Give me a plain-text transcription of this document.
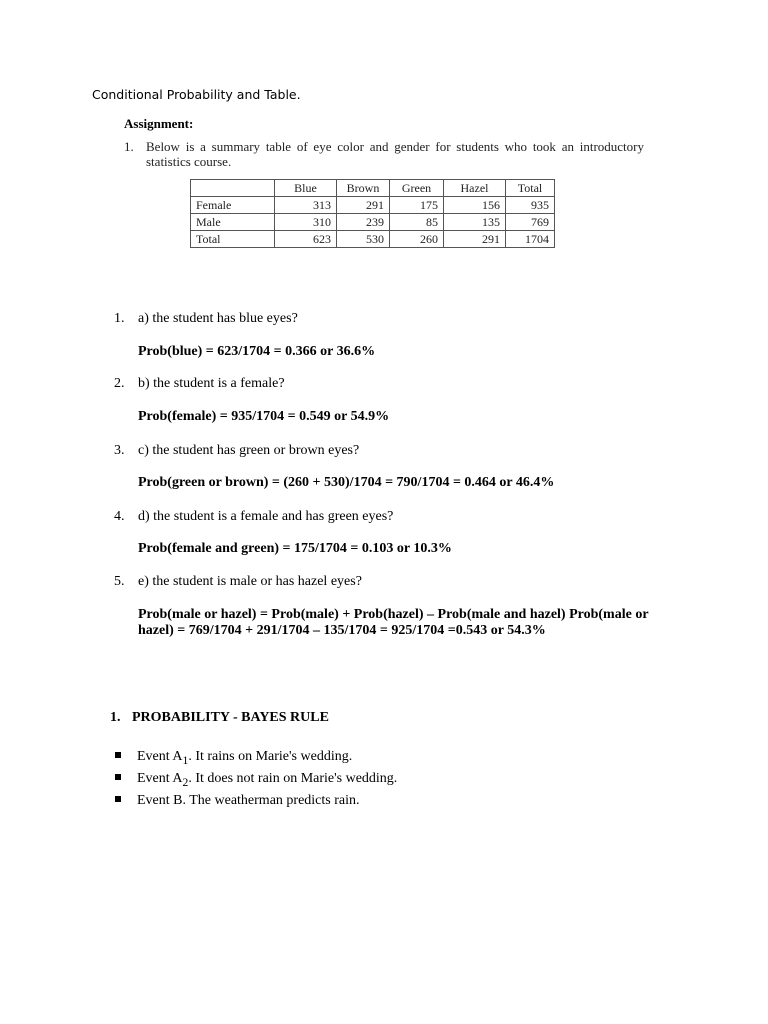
Conditional Probability and Table.
Assignment:
1. Below is a summary table of eye color and gender for students who took an introductory statistics course.
	Blue	Brown	Green	Hazel	Total
Female	313	291	175	156	935
Male	310	239	85	135	769
Total	623	530	260	291	1704
1. a) the student has blue eyes?
Prob(blue) = 623/1704 = 0.366 or 36.6%
2. b) the student is a female?
Prob(female) = 935/1704 = 0.549 or 54.9%
3. c) the student has green or brown eyes?
Prob(green or brown) = (260 + 530)/1704 = 790/1704 = 0.464 or 46.4%
4. d) the student is a female and has green eyes?
Prob(female and green) = 175/1704 = 0.103 or 10.3%
5. e) the student is male or has hazel eyes?
Prob(male or hazel) = Prob(male) + Prob(hazel) – Prob(male and hazel) Prob(male or hazel) = 769/1704 + 291/1704 – 135/1704 = 925/1704 =0.543 or 54.3%
1. PROBABILITY - BAYES RULE
Event $A_1$. It rains on Marie's wedding.
Event $A_2$. It does not rain on Marie's wedding.
Event B. The weatherman predicts rain.
